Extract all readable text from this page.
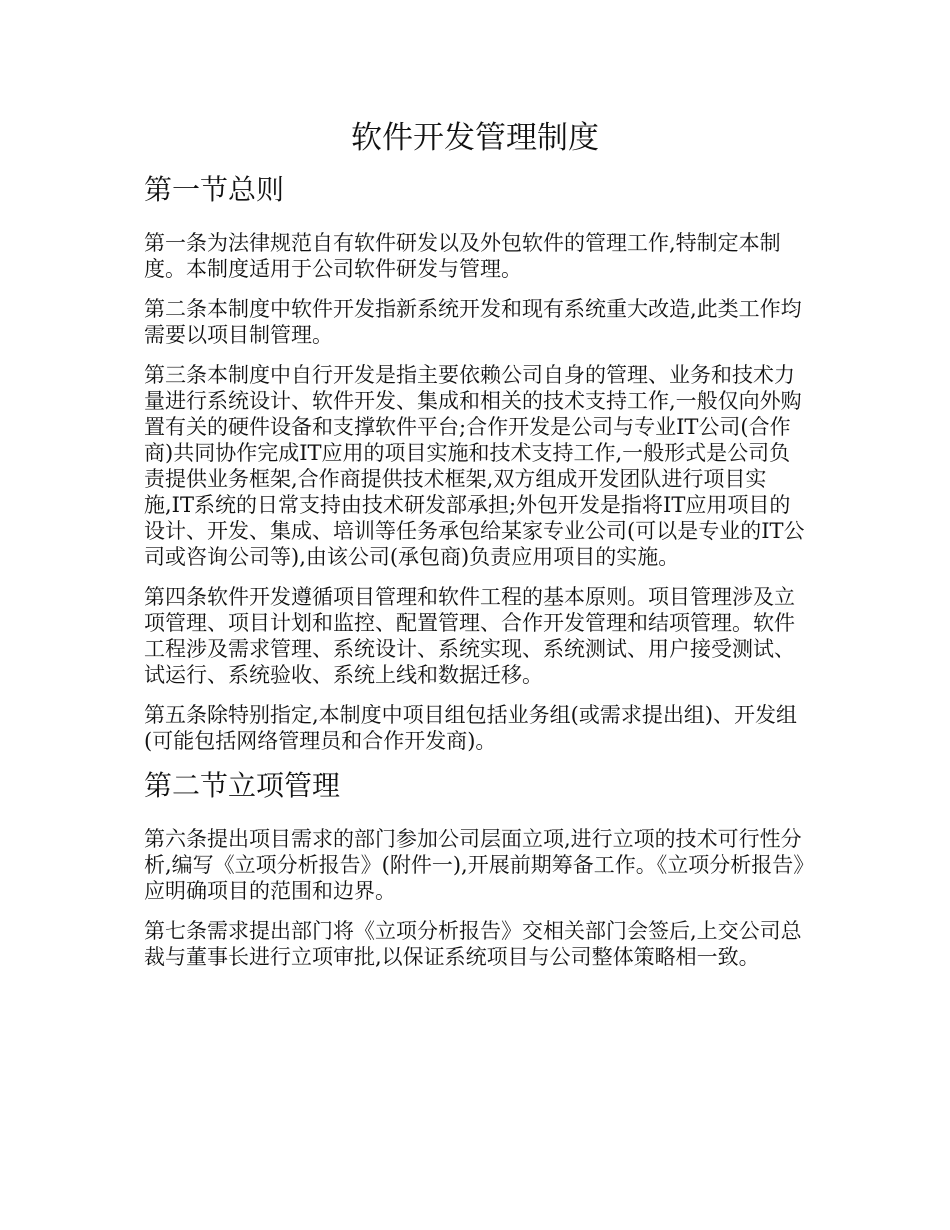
软件开发管理制度
第一节总则

第一条为法律规范自有软件研发以及外包软件的管理工作,特制定本制度。本制度适用于公司软件研发与管理。

第二条本制度中软件开发指新系统开发和现有系统重大改造,此类工作均需要以项目制管理。

第三条本制度中自行开发是指主要依赖公司自身的管理、业务和技术力量进行系统设计、软件开发、集成和相关的技术支持工作,一般仅向外购置有关的硬件设备和支撑软件平台;合作开发是公司与专业IT公司(合作商)共同协作完成IT应用的项目实施和技术支持工作,一般形式是公司负责提供业务框架,合作商提供技术框架,双方组成开发团队进行项目实施,IT系统的日常支持由技术研发部承担;外包开发是指将IT应用项目的设计、开发、集成、培训等任务承包给某家专业公司(可以是专业的IT公司或咨询公司等),由该公司(承包商)负责应用项目的实施。

第四条软件开发遵循项目管理和软件工程的基本原则。项目管理涉及立项管理、项目计划和监控、配置管理、合作开发管理和结项管理。软件工程涉及需求管理、系统设计、系统实现、系统测试、用户接受测试、试运行、系统验收、系统上线和数据迁移。

第五条除特别指定,本制度中项目组包括业务组(或需求提出组)、开发组(可能包括网络管理员和合作开发商)。

第二节立项管理

第六条提出项目需求的部门参加公司层面立项,进行立项的技术可行性分析,编写《立项分析报告》(附件一),开展前期筹备工作。《立项分析报告》应明确项目的范围和边界。

第七条需求提出部门将《立项分析报告》交相关部门会签后,上交公司总裁与董事长进行立项审批,以保证系统项目与公司整体策略相一致。
